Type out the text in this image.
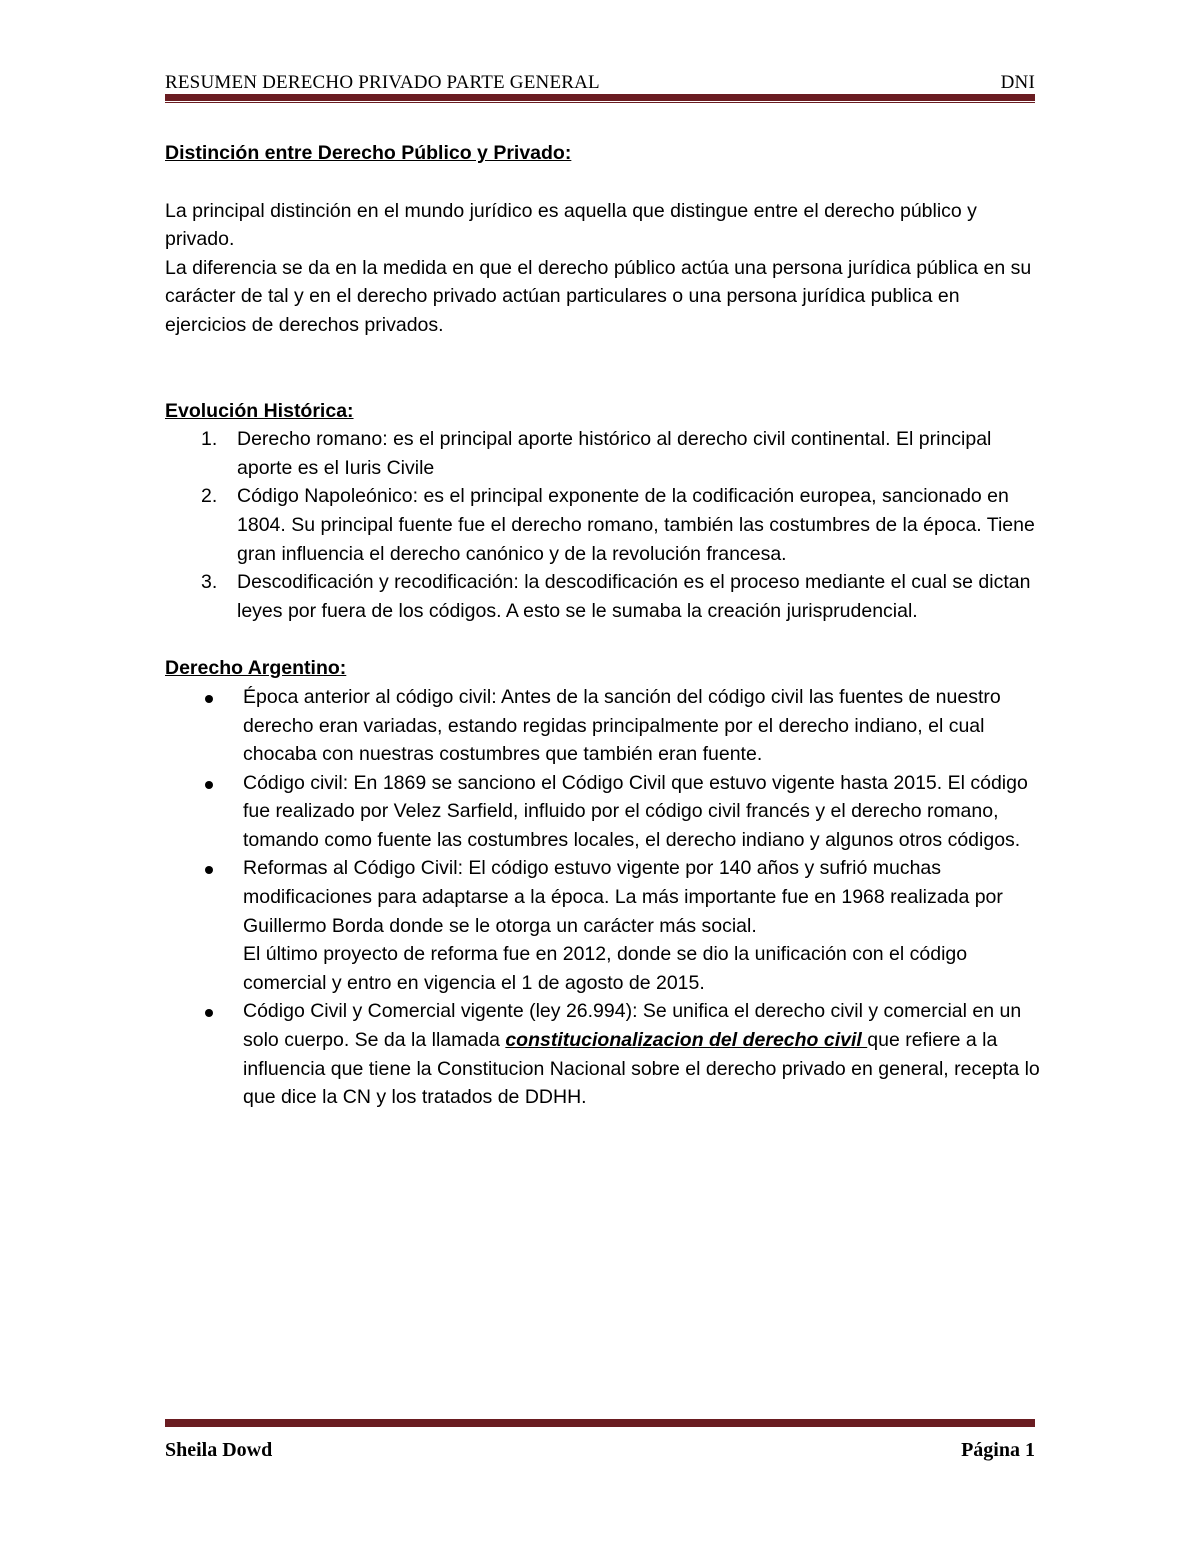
RESUMEN DERECHO PRIVADO PARTE GENERAL	DNI

Distinción entre Derecho Público y Privado:

La principal distinción en el mundo jurídico es aquella que distingue entre el derecho público y privado.

La diferencia se da en la medida en que el derecho público actúa una persona jurídica pública en su carácter de tal y en el derecho privado actúan particulares o una persona jurídica publica en ejercicios de derechos privados.

Evolución Histórica:

1. Derecho romano: es el principal aporte histórico al derecho civil continental. El principal aporte es el Iuris Civile
2. Código Napoleónico: es el principal exponente de la codificación europea, sancionado en 1804. Su principal fuente fue el derecho romano, también las costumbres de la época. Tiene gran influencia el derecho canónico y de la revolución francesa.
3. Descodificación y recodificación: la descodificación es el proceso mediante el cual se dictan leyes por fuera de los códigos. A esto se le sumaba la creación jurisprudencial.

Derecho Argentino:

Época anterior al código civil: Antes de la sanción del código civil las fuentes de nuestro derecho eran variadas, estando regidas principalmente por el derecho indiano, el cual chocaba con nuestras costumbres que también eran fuente.
Código civil: En 1869 se sanciono el Código Civil que estuvo vigente hasta 2015. El código fue realizado por Velez Sarfield, influido por el código civil francés y el derecho romano, tomando como fuente las costumbres locales, el derecho indiano y algunos otros códigos.
Reformas al Código Civil: El código estuvo vigente por 140 años y sufrió muchas modificaciones para adaptarse a la época. La más importante fue en 1968 realizada por Guillermo Borda donde se le otorga un carácter más social.
El último proyecto de reforma fue en 2012, donde se dio la unificación con el código comercial y entro en vigencia el 1 de agosto de 2015.
Código Civil y Comercial vigente (ley 26.994): Se unifica el derecho civil y comercial en un solo cuerpo. Se da la llamada constitucionalizacion del derecho civil que refiere a la influencia que tiene la Constitucion Nacional sobre el derecho privado en general, recepta lo que dice la CN y los tratados de DDHH.
Sheila Dowd	Página 1
